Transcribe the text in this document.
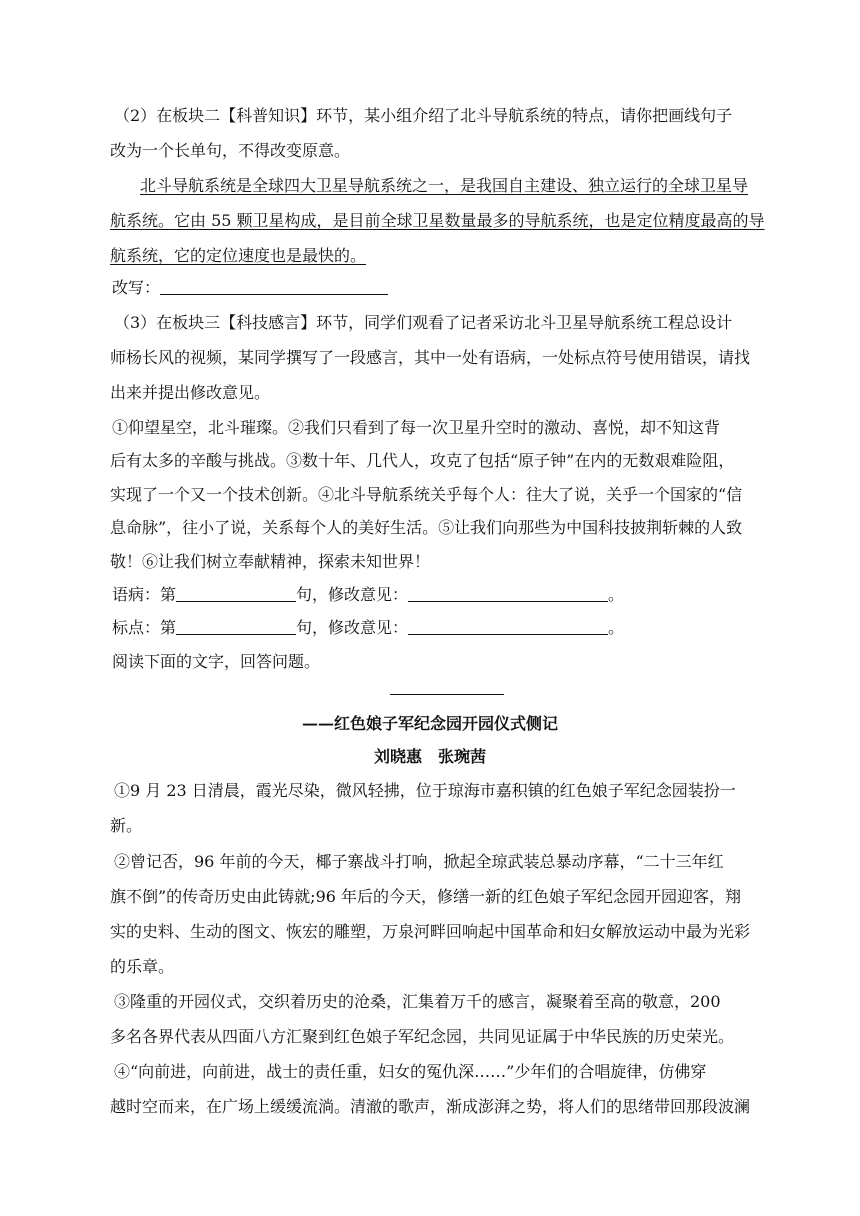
（2）在板块二【科普知识】环节，某小组介绍了北斗导航系统的特点，请你把画线句子
改为一个长单句，不得改变原意。
北斗导航系统是全球四大卫星导航系统之一，是我国自主建设、独立运行的全球卫星导
航系统。它由 55 颗卫星构成，是目前全球卫星数量最多的导航系统，也是定位精度最高的导
航系统，它的定位速度也是最快的。
改写：
（3）在板块三【科技感言】环节，同学们观看了记者采访北斗卫星导航系统工程总设计
师杨长风的视频，某同学撰写了一段感言，其中一处有语病，一处标点符号使用错误，请找
出来并提出修改意见。
①仰望星空，北斗璀璨。②我们只看到了每一次卫星升空时的激动、喜悦，却不知这背
后有太多的辛酸与挑战。③数十年、几代人，攻克了包括“原子钟”在内的无数艰难险阻，
实现了一个又一个技术创新。④北斗导航系统关乎每个人：往大了说，关乎一个国家的“信
息命脉”，往小了说，关系每个人的美好生活。⑤让我们向那些为中国科技披荆斩棘的人致
敬！⑥让我们树立奉献精神，探索未知世界！
语病：第	句，修改意见：	。
标点：第	句，修改意见：	。
阅读下面的文字，回答问题。
——红色娘子军纪念园开园仪式侧记
刘晓惠　张琬茜
①9 月 23 日清晨，霞光尽染，微风轻拂，位于琼海市嘉积镇的红色娘子军纪念园装扮一
新。
②曾记否，96 年前的今天，椰子寨战斗打响，掀起全琼武装总暴动序幕，“二十三年红
旗不倒”的传奇历史由此铸就;96 年后的今天，修缮一新的红色娘子军纪念园开园迎客，翔
实的史料、生动的图文、恢宏的雕塑，万泉河畔回响起中国革命和妇女解放运动中最为光彩
的乐章。
③隆重的开园仪式，交织着历史的沧桑，汇集着万千的感言，凝聚着至高的敬意，200
多名各界代表从四面八方汇聚到红色娘子军纪念园，共同见证属于中华民族的历史荣光。
④“向前进，向前进，战士的责任重，妇女的冤仇深……”少年们的合唱旋律，仿佛穿
越时空而来，在广场上缓缓流淌。清澈的歌声，渐成澎湃之势，将人们的思绪带回那段波澜
